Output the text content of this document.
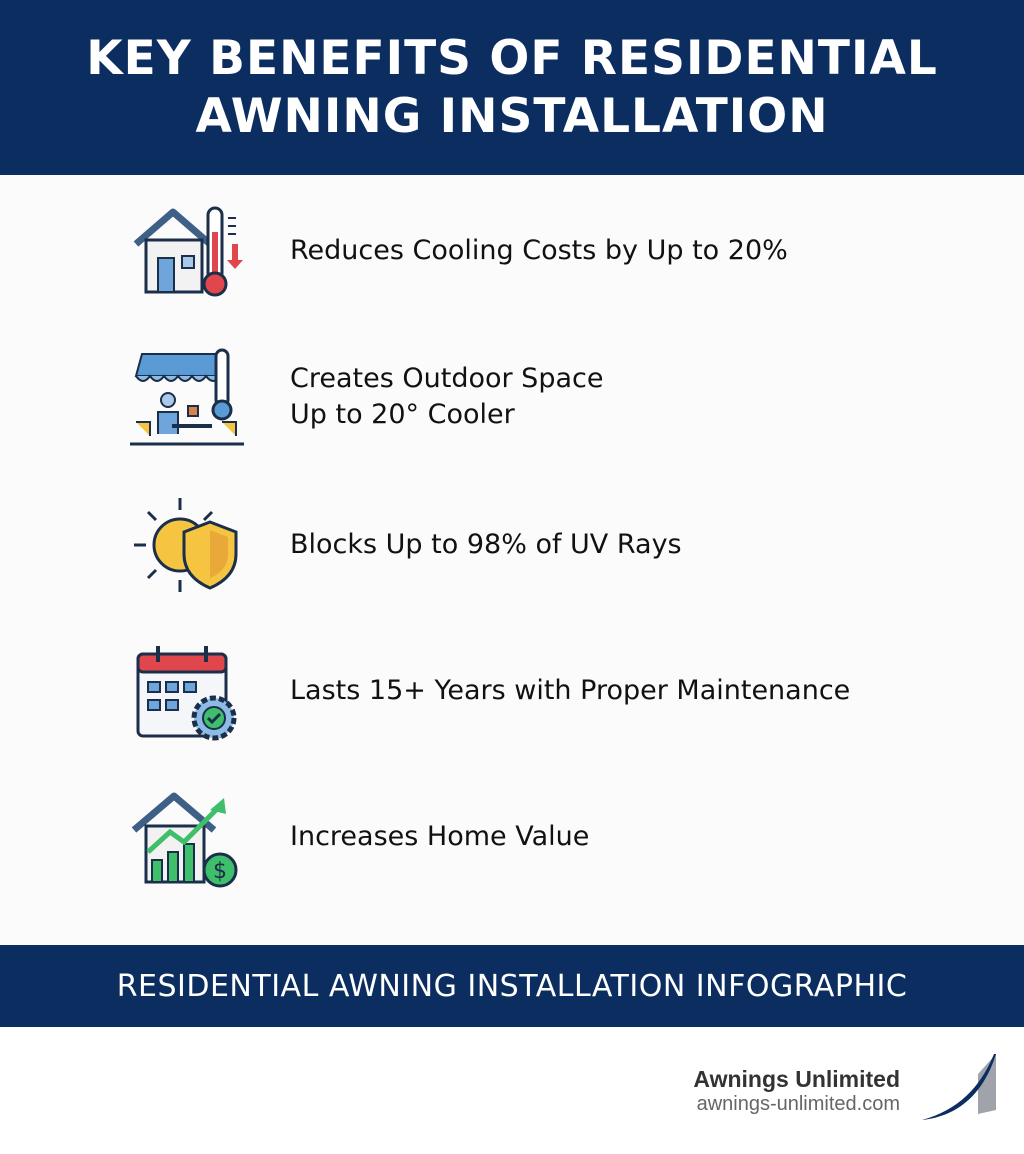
KEY BENEFITS OF RESIDENTIAL
AWNING INSTALLATION
Reduces Cooling Costs by Up to 20%
Creates Outdoor Space
Up to 20° Cooler
Blocks Up to 98% of UV Rays
Lasts 15+ Years with Proper Maintenance
$
Increases Home Value
RESIDENTIAL AWNING INSTALLATION INFOGRAPHIC
Awnings Unlimited
awnings-unlimited.com
